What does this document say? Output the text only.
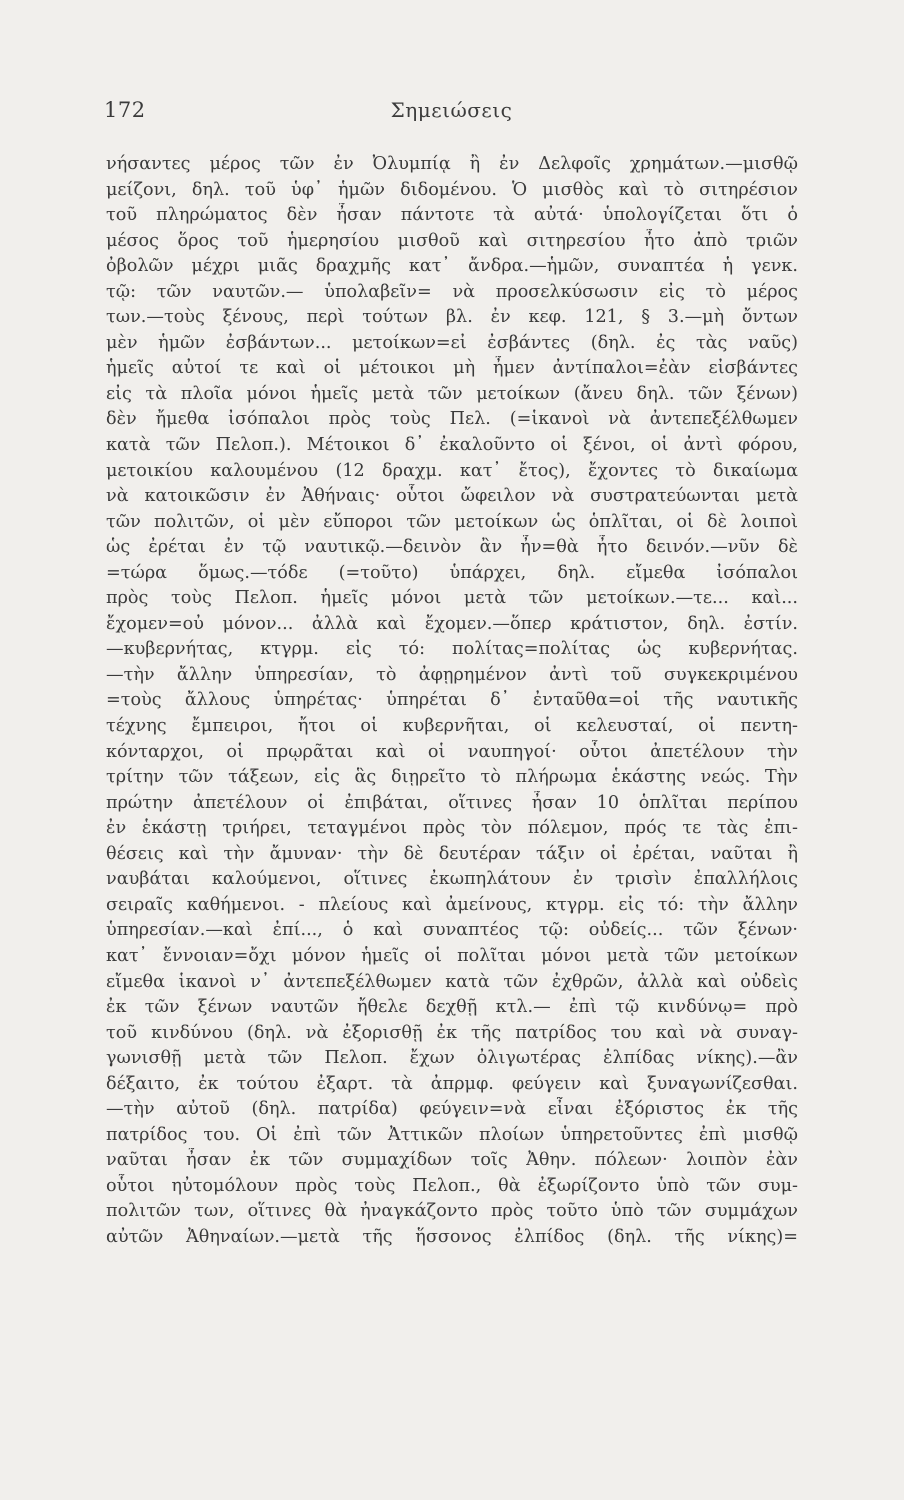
172	Σημειώσεις
νήσαντες μέρος τῶν ἐν Ὀλυμπίᾳ ἢ ἐν Δελφοῖς χρημάτων.—μισθῷ
μείζονι, δηλ. τοῦ ὑφ᾽ ἡμῶν διδομένου. Ὁ μισθὸς καὶ τὸ σιτηρέσιον
τοῦ πληρώματος δὲν ἦσαν πάντοτε τὰ αὐτά· ὑπολογίζεται ὅτι ὁ
μέσος ὅρος τοῦ ἡμερησίου μισθοῦ καὶ σιτηρεσίου ἦτο ἀπὸ τριῶν
ὀβολῶν μέχρι μιᾶς δραχμῆς κατ᾽ ἄνδρα.—ἡμῶν, συναπτέα ἡ γενκ.
τῷ: τῶν ναυτῶν.— ὑπολαβεῖν= νὰ προσελκύσωσιν εἰς τὸ μέρος
των.—τοὺς ξένους, περὶ τούτων βλ. ἐν κεφ. 121, § 3.—μὴ ὄντων
μὲν ἡμῶν ἐσβάντων... μετοίκων=εἰ ἐσβάντες (δηλ. ἐς τὰς ναῦς)
ἡμεῖς αὐτοί τε καὶ οἱ μέτοικοι μὴ ἦμεν ἀντίπαλοι=ἐὰν εἰσβάντες
εἰς τὰ πλοῖα μόνοι ἡμεῖς μετὰ τῶν μετοίκων (ἄνευ δηλ. τῶν ξένων)
δὲν ἤμεθα ἰσόπαλοι πρὸς τοὺς Πελ. (=ἱκανοὶ νὰ ἀντεπεξέλθωμεν
κατὰ τῶν Πελοπ.). Μέτοικοι δ᾽ ἐκαλοῦντο οἱ ξένοι, οἱ ἀντὶ φόρου,
μετοικίου καλουμένου (12 δραχμ. κατ᾽ ἔτος), ἔχοντες τὸ δικαίωμα
νὰ κατοικῶσιν ἐν Ἀθήναις· οὗτοι ὤφειλον νὰ συστρατεύωνται μετὰ
τῶν πολιτῶν, οἱ μὲν εὔποροι τῶν μετοίκων ὡς ὁπλῖται, οἱ δὲ λοιποὶ
ὡς ἐρέται ἐν τῷ ναυτικῷ.—δεινὸν ἂν ἦν=θὰ ἦτο δεινόν.—νῦν δὲ
=τώρα ὅμως.—τόδε (=τοῦτο) ὑπάρχει, δηλ. εἴμεθα ἰσόπαλοι
πρὸς τοὺς Πελοπ. ἡμεῖς μόνοι μετὰ τῶν μετοίκων.—τε... καὶ...
ἔχομεν=οὐ μόνον... ἀλλὰ καὶ ἔχομεν.—ὅπερ κράτιστον, δηλ. ἐστίν.
—κυβερνήτας, κτγρμ. εἰς τό: πολίτας=πολίτας ὡς κυβερνήτας.
—τὴν ἄλλην ὑπηρεσίαν, τὸ ἀφῃρημένον ἀντὶ τοῦ συγκεκριμένου
=τοὺς ἄλλους ὑπηρέτας· ὑπηρέται δ᾽ ἐνταῦθα=οἱ τῆς ναυτικῆς
τέχνης ἔμπειροι, ἤτοι οἱ κυβερνῆται, οἱ κελευσταί, οἱ πεντη-
κόνταρχοι, οἱ πρῳρᾶται καὶ οἱ ναυπηγοί· οὗτοι ἀπετέλουν τὴν
τρίτην τῶν τάξεων, εἰς ἃς διῃρεῖτο τὸ πλήρωμα ἑκάστης νεώς. Τὴν
πρώτην ἀπετέλουν οἱ ἐπιβάται, οἵτινες ἦσαν 10 ὁπλῖται περίπου
ἐν ἑκάστῃ τριήρει, τεταγμένοι πρὸς τὸν πόλεμον, πρός τε τὰς ἐπι-
θέσεις καὶ τὴν ἄμυναν· τὴν δὲ δευτέραν τάξιν οἱ ἐρέται, ναῦται ἢ
ναυβάται καλούμενοι, οἵτινες ἐκωπηλάτουν ἐν τρισὶν ἐπαλλήλοις
σειραῖς καθήμενοι. - πλείους καὶ ἀμείνους, κτγρμ. εἰς τό: τὴν ἄλλην
ὑπηρεσίαν.—καὶ ἐπί..., ὁ καὶ συναπτέος τῷ: οὐδείς... τῶν ξένων·
κατ᾽ ἔννοιαν=ὄχι μόνον ἡμεῖς οἱ πολῖται μόνοι μετὰ τῶν μετοίκων
εἴμεθα ἱκανοὶ ν᾽ ἀντεπεξέλθωμεν κατὰ τῶν ἐχθρῶν, ἀλλὰ καὶ οὐδεὶς
ἐκ τῶν ξένων ναυτῶν ἤθελε δεχθῇ κτλ.— ἐπὶ τῷ κινδύνῳ= πρὸ
τοῦ κινδύνου (δηλ. νὰ ἐξορισθῇ ἐκ τῆς πατρίδος του καὶ νὰ συναγ-
γωνισθῇ μετὰ τῶν Πελοπ. ἔχων ὀλιγωτέρας ἐλπίδας νίκης).—ἂν
δέξαιτο, ἐκ τούτου ἐξαρτ. τὰ ἀπρμφ. φεύγειν καὶ ξυναγωνίζεσθαι.
—τὴν αὐτοῦ (δηλ. πατρίδα) φεύγειν=νὰ εἶναι ἐξόριστος ἐκ τῆς
πατρίδος του. Οἱ ἐπὶ τῶν Ἀττικῶν πλοίων ὑπηρετοῦντες ἐπὶ μισθῷ
ναῦται ἦσαν ἐκ τῶν συμμαχίδων τοῖς Ἀθην. πόλεων· λοιπὸν ἐὰν
οὗτοι ηὐτομόλουν πρὸς τοὺς Πελοπ., θὰ ἐξωρίζοντο ὑπὸ τῶν συμ-
πολιτῶν των, οἵτινες θὰ ἠναγκάζοντο πρὸς τοῦτο ὑπὸ τῶν συμμάχων
αὐτῶν Ἀθηναίων.—μετὰ τῆς ἥσσονος ἐλπίδος (δηλ. τῆς νίκης)=
